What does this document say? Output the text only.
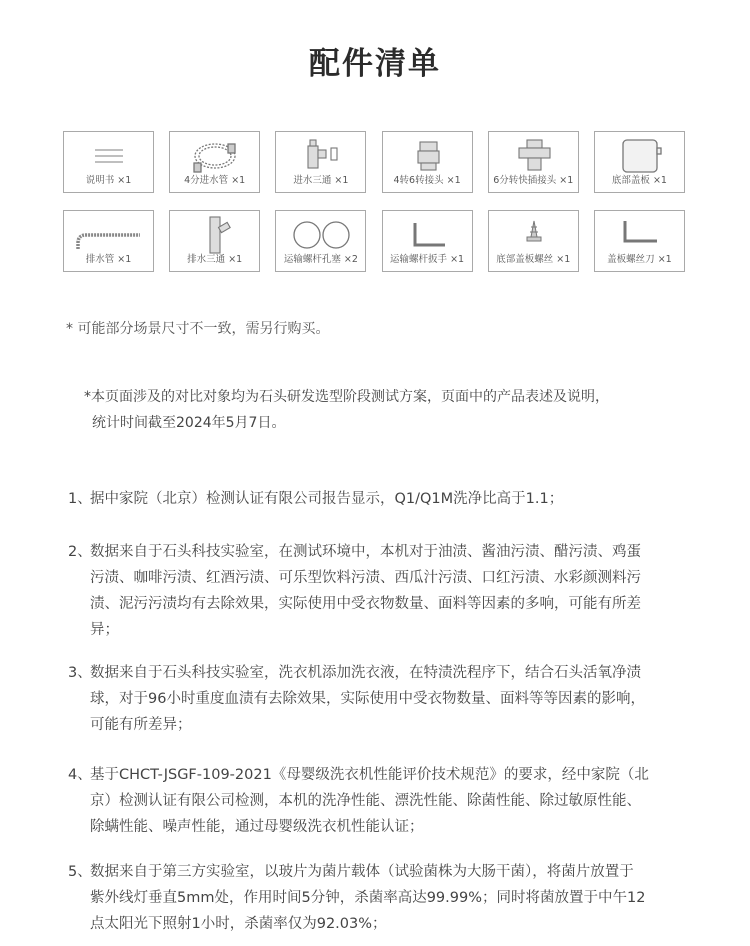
配件清单
说明书 ×1	4分进水管 ×1	进水三通 ×1	4转6转接头 ×1	6分转快插接头 ×1	底部盖板 ×1
排水管 ×1	排水三通 ×1	运输螺杆孔塞 ×2	运输螺杆扳手 ×1	底部盖板螺丝 ×1	盖板螺丝刀 ×1
* 可能部分场景尺寸不一致，需另行购买。
*本页面涉及的对比对象均为石头研发选型阶段测试方案，页面中的产品表述及说明，
统计时间截至2024年5月7日。
1、
据中家院（北京）检测认证有限公司报告显示，Q1/Q1M洗净比高于1.1；
2、
数据来自于石头科技实验室，在测试环境中，本机对于油渍、酱油污渍、醋污渍、鸡蛋
污渍、咖啡污渍、红酒污渍、可乐型饮料污渍、西瓜汁污渍、口红污渍、水彩颜测料污
渍、泥污污渍均有去除效果，实际使用中受衣物数量、面料等因素的多响，可能有所差
异；
3、
数据来自于石头科技实验室，洗衣机添加洗衣液，在特渍洗程序下，结合石头活氧净渍
球，对于96小时重度血渍有去除效果，实际使用中受衣物数量、面料等等因素的影响，
可能有所差异；
4、
基于CHCT-JSGF-109-2021《母婴级洗衣机性能评价技术规范》的要求，经中家院（北
京）检测认证有限公司检测，本机的洗净性能、漂洗性能、除菌性能、除过敏原性能、
除螨性能、噪声性能，通过母婴级洗衣机性能认证；
5、
数据来自于第三方实验室，以玻片为菌片载体（试验菌株为大肠干菌），将菌片放置于
紫外线灯垂直5mm处，作用时间5分钟，杀菌率高达99.99%；同时将菌放置于中午12
点太阳光下照射1小时，杀菌率仅为92.03%；
